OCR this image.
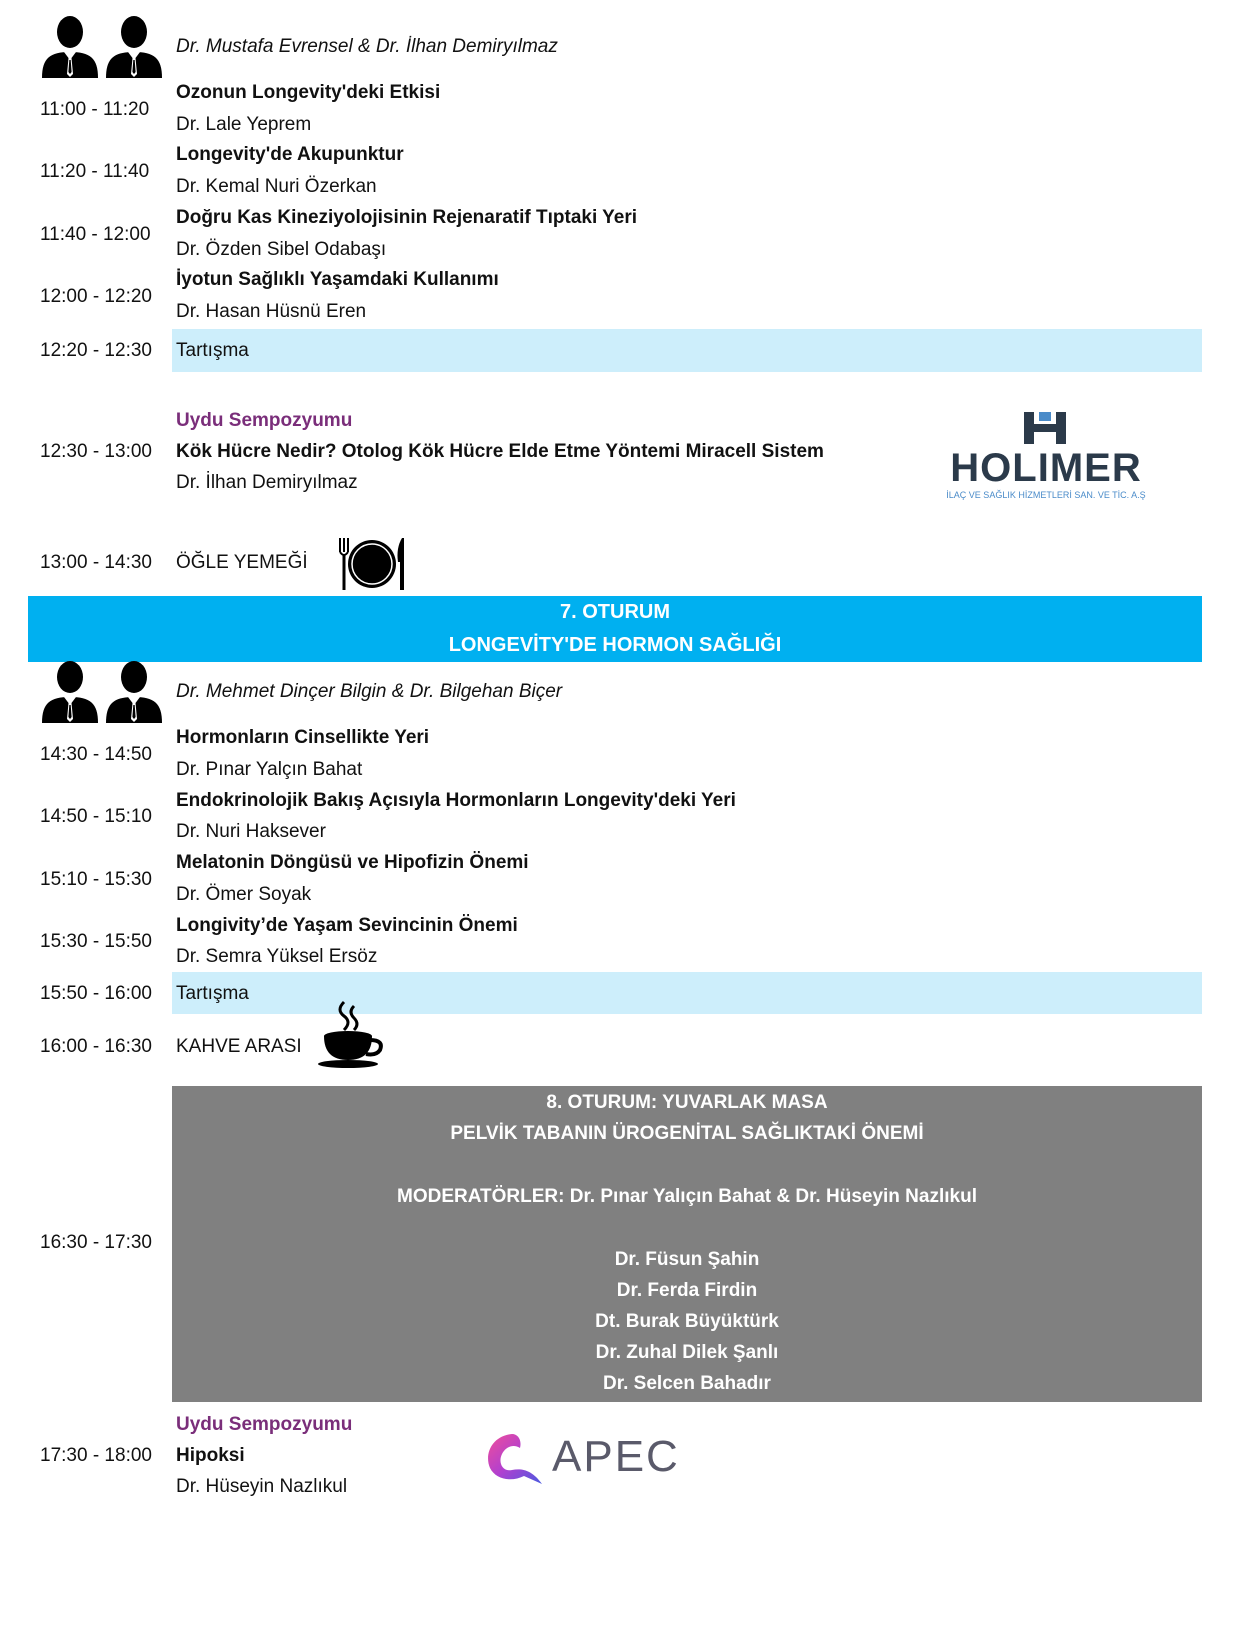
Dr. Mustafa Evrensel & Dr. İlhan Demiryılmaz
11:00 - 11:20
Ozonun Longevity'deki Etkisi
Dr. Lale Yeprem
11:20 - 11:40
Longevity'de Akupunktur
Dr. Kemal Nuri Özerkan
11:40 - 12:00
Doğru Kas Kineziyolojisinin Rejenaratif Tıptaki Yeri
Dr. Özden Sibel Odabaşı
12:00 - 12:20
İyotun Sağlıklı Yaşamdaki Kullanımı
Dr. Hasan Hüsnü Eren
12:20 - 12:30 Tartışma
Uydu Sempozyumu
12:30 - 13:00 Kök Hücre Nedir? Otolog Kök Hücre Elde Etme Yöntemi Miracell Sistem
Dr. İlhan Demiryılmaz	HOLIMER
İLAÇ VE SAĞLIK HİZMETLERİ SAN. VE TİC. A.Ş
13:00 - 14:30 ÖĞLE YEMEĞİ
7. OTURUM
LONGEVİTY'DE HORMON SAĞLIĞI
Dr. Mehmet Dinçer Bilgin & Dr. Bilgehan Biçer
14:30 - 14:50
Hormonların Cinsellikte Yeri
Dr. Pınar Yalçın Bahat
14:50 - 15:10
Endokrinolojik Bakış Açısıyla Hormonların Longevity'deki Yeri
Dr. Nuri Haksever
15:10 - 15:30
Melatonin Döngüsü ve Hipofizin Önemi
Dr. Ömer Soyak
15:30 - 15:50
Longivity’de Yaşam Sevincinin Önemi
Dr. Semra Yüksel Ersöz
15:50 - 16:00 Tartışma
16:00 - 16:30 KAHVE ARASI
16:30 - 17:30
8. OTURUM: YUVARLAK MASA
PELVİK TABANIN ÜROGENİTAL SAĞLIKTAKİ ÖNEMİ
MODERATÖRLER: Dr. Pınar Yalıçın Bahat & Dr. Hüseyin Nazlıkul
Dr. Füsun Şahin
Dr. Ferda Firdin
Dt. Burak Büyüktürk
Dr. Zuhal Dilek Şanlı
Dr. Selcen Bahadır
Uydu Sempozyumu
17:30 - 18:00 Hipoksi
Dr. Hüseyin Nazlıkul
APEC
